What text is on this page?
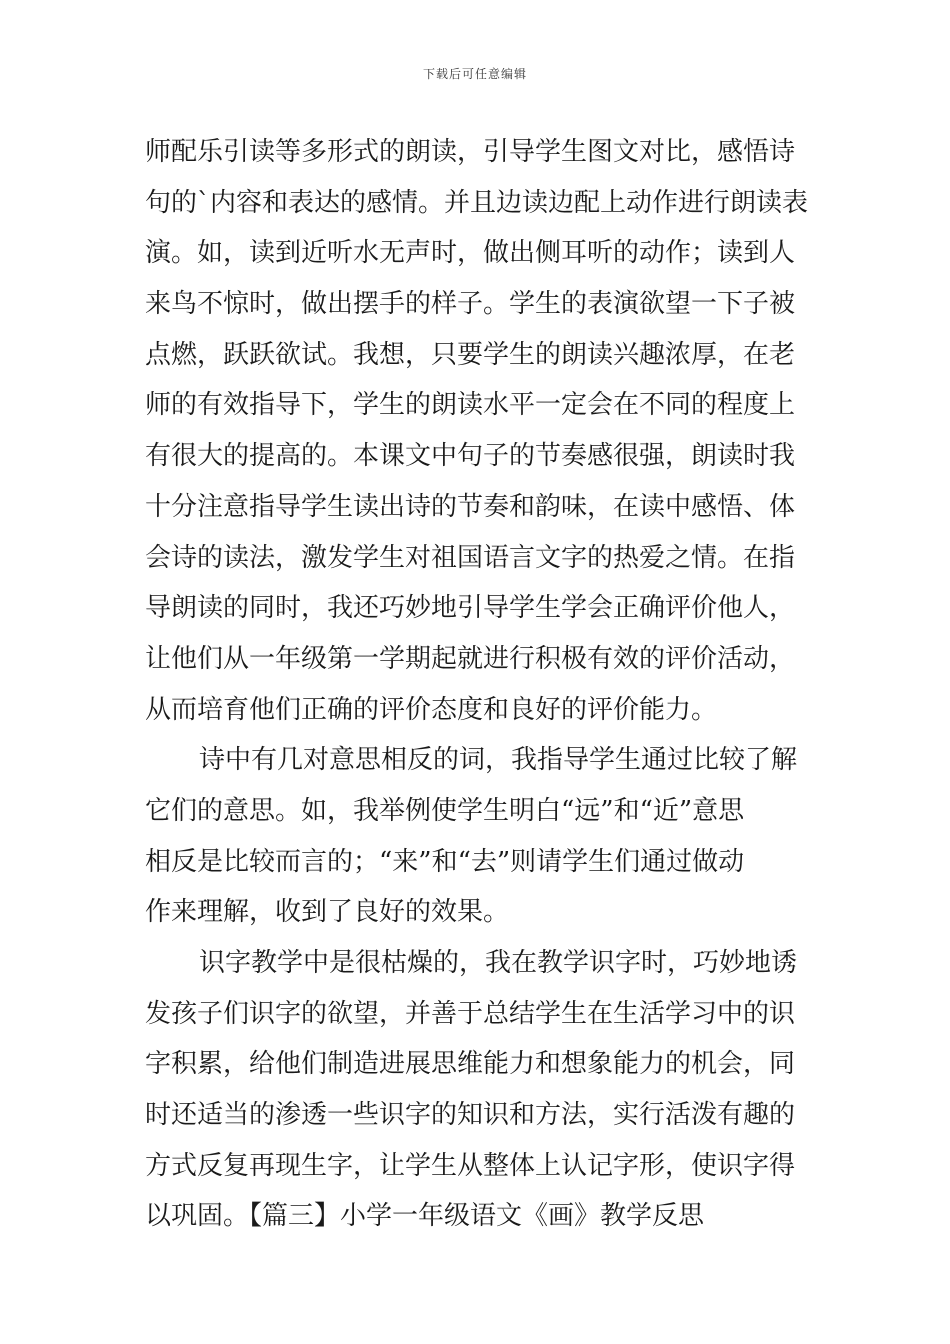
下载后可任意编辑
师配乐引读等多形式的朗读，引导学生图文对比，感悟诗
句的`内容和表达的感情。并且边读边配上动作进行朗读表
演。如，读到近听水无声时，做出侧耳听的动作；读到人
来鸟不惊时，做出摆手的样子。学生的表演欲望一下子被
点燃，跃跃欲试。我想，只要学生的朗读兴趣浓厚，在老
师的有效指导下，学生的朗读水平一定会在不同的程度上
有很大的提高的。本课文中句子的节奏感很强，朗读时我
十分注意指导学生读出诗的节奏和韵味，在读中感悟、体
会诗的读法，激发学生对祖国语言文字的热爱之情。在指
导朗读的同时，我还巧妙地引导学生学会正确评价他人，
让他们从一年级第一学期起就进行积极有效的评价活动，
从而培育他们正确的评价态度和良好的评价能力。
诗中有几对意思相反的词，我指导学生通过比较了解
它们的意思。如，我举例使学生明白“远”和“近”意思
相反是比较而言的；“来”和“去”则请学生们通过做动
作来理解，收到了良好的效果。
识字教学中是很枯燥的，我在教学识字时，巧妙地诱
发孩子们识字的欲望，并善于总结学生在生活学习中的识
字积累，给他们制造进展思维能力和想象能力的机会，同
时还适当的渗透一些识字的知识和方法，实行活泼有趣的
方式反复再现生字，让学生从整体上认记字形，使识字得
以巩固。【篇三】小学一年级语文《画》教学反思
